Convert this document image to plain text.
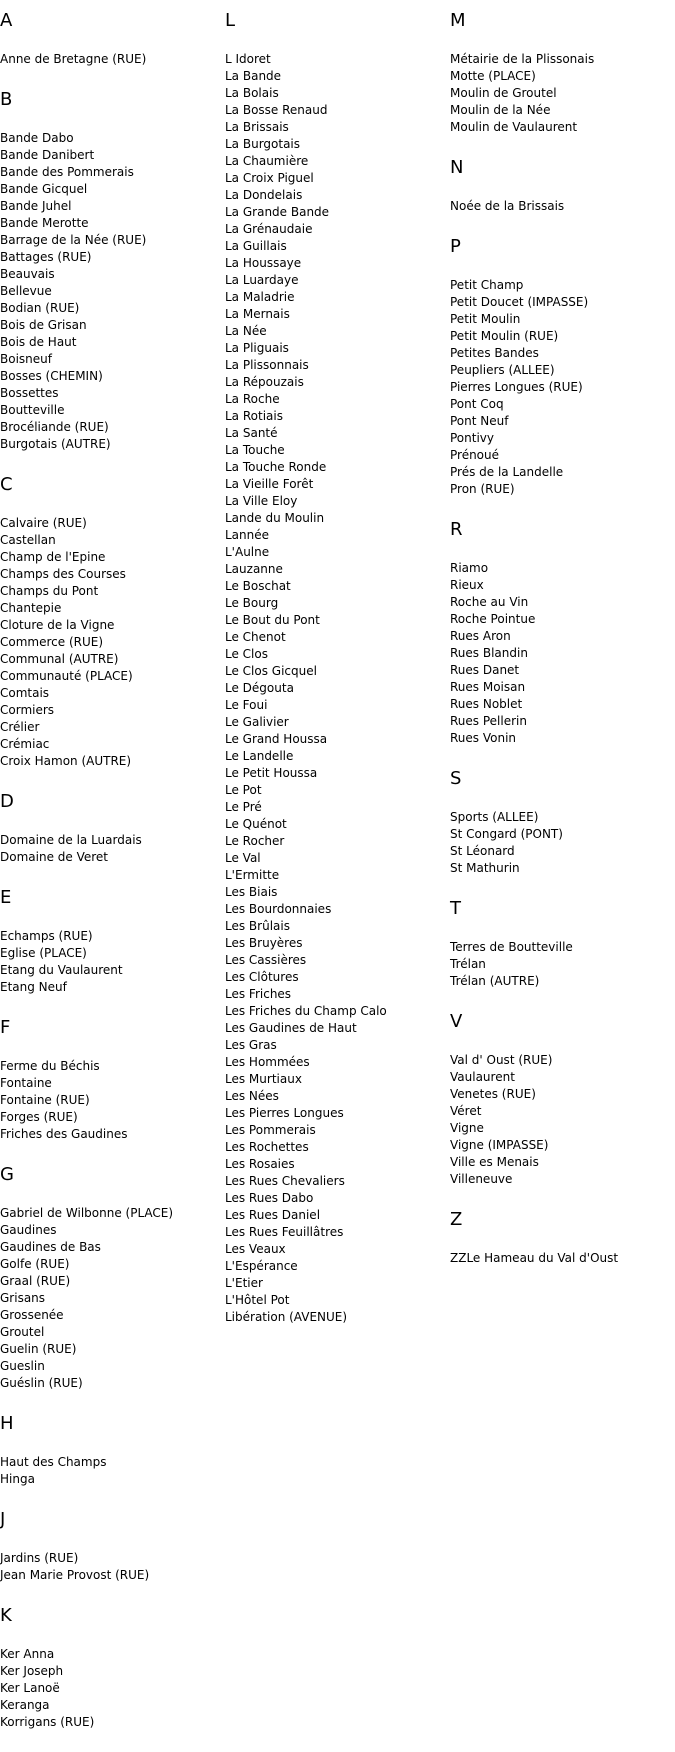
A
Anne de Bretagne (RUE)
B
Bande Dabo
Bande Danibert
Bande des Pommerais
Bande Gicquel
Bande Juhel
Bande Merotte
Barrage de la Née (RUE)
Battages (RUE)
Beauvais
Bellevue
Bodian (RUE)
Bois de Grisan
Bois de Haut
Boisneuf
Bosses (CHEMIN)
Bossettes
Boutteville
Brocéliande (RUE)
Burgotais (AUTRE)
C
Calvaire (RUE)
Castellan
Champ de l'Epine
Champs des Courses
Champs du Pont
Chantepie
Cloture de la Vigne
Commerce (RUE)
Communal (AUTRE)
Communauté (PLACE)
Comtais
Cormiers
Crélier
Crémiac
Croix Hamon (AUTRE)
D
Domaine de la Luardais
Domaine de Veret
E
Echamps (RUE)
Eglise (PLACE)
Etang du Vaulaurent
Etang Neuf
F
Ferme du Béchis
Fontaine
Fontaine (RUE)
Forges (RUE)
Friches des Gaudines
G
Gabriel de Wilbonne (PLACE)
Gaudines
Gaudines de Bas
Golfe (RUE)
Graal (RUE)
Grisans
Grossenée
Groutel
Guelin (RUE)
Gueslin
Guéslin (RUE)
H
Haut des Champs
Hinga
J
Jardins (RUE)
Jean Marie Provost (RUE)
K
Ker Anna
Ker Joseph
Ker Lanoë
Keranga
Korrigans (RUE)
L
L Idoret
La Bande
La Bolais
La Bosse Renaud
La Brissais
La Burgotais
La Chaumière
La Croix Piguel
La Dondelais
La Grande Bande
La Grénaudaie
La Guillais
La Houssaye
La Luardaye
La Maladrie
La Mernais
La Née
La Pliguais
La Plissonnais
La Répouzais
La Roche
La Rotiais
La Santé
La Touche
La Touche Ronde
La Vieille Forêt
La Ville Eloy
Lande du Moulin
Lannée
L'Aulne
Lauzanne
Le Boschat
Le Bourg
Le Bout du Pont
Le Chenot
Le Clos
Le Clos Gicquel
Le Dégouta
Le Foui
Le Galivier
Le Grand Houssa
Le Landelle
Le Petit Houssa
Le Pot
Le Pré
Le Quénot
Le Rocher
Le Val
L'Ermitte
Les Biais
Les Bourdonnaies
Les Brûlais
Les Bruyères
Les Cassières
Les Clôtures
Les Friches
Les Friches du Champ Calo
Les Gaudines de Haut
Les Gras
Les Hommées
Les Murtiaux
Les Nées
Les Pierres Longues
Les Pommerais
Les Rochettes
Les Rosaies
Les Rues Chevaliers
Les Rues Dabo
Les Rues Daniel
Les Rues Feuillâtres
Les Veaux
L'Espérance
L'Etier
L'Hôtel Pot
Libération (AVENUE)
M
Métairie de la Plissonais
Motte (PLACE)
Moulin de Groutel
Moulin de la Née
Moulin de Vaulaurent
N
Noée de la Brissais
P
Petit Champ
Petit Doucet (IMPASSE)
Petit Moulin
Petit Moulin (RUE)
Petites Bandes
Peupliers (ALLEE)
Pierres Longues (RUE)
Pont Coq
Pont Neuf
Pontivy
Prénoué
Prés de la Landelle
Pron (RUE)
R
Riamo
Rieux
Roche au Vin
Roche Pointue
Rues Aron
Rues Blandin
Rues Danet
Rues Moisan
Rues Noblet
Rues Pellerin
Rues Vonin
S
Sports (ALLEE)
St Congard (PONT)
St Léonard
St Mathurin
T
Terres de Boutteville
Trélan
Trélan (AUTRE)
V
Val d' Oust (RUE)
Vaulaurent
Venetes (RUE)
Véret
Vigne
Vigne (IMPASSE)
Ville es Menais
Villeneuve
Z
ZZLe Hameau du Val d'Oust
